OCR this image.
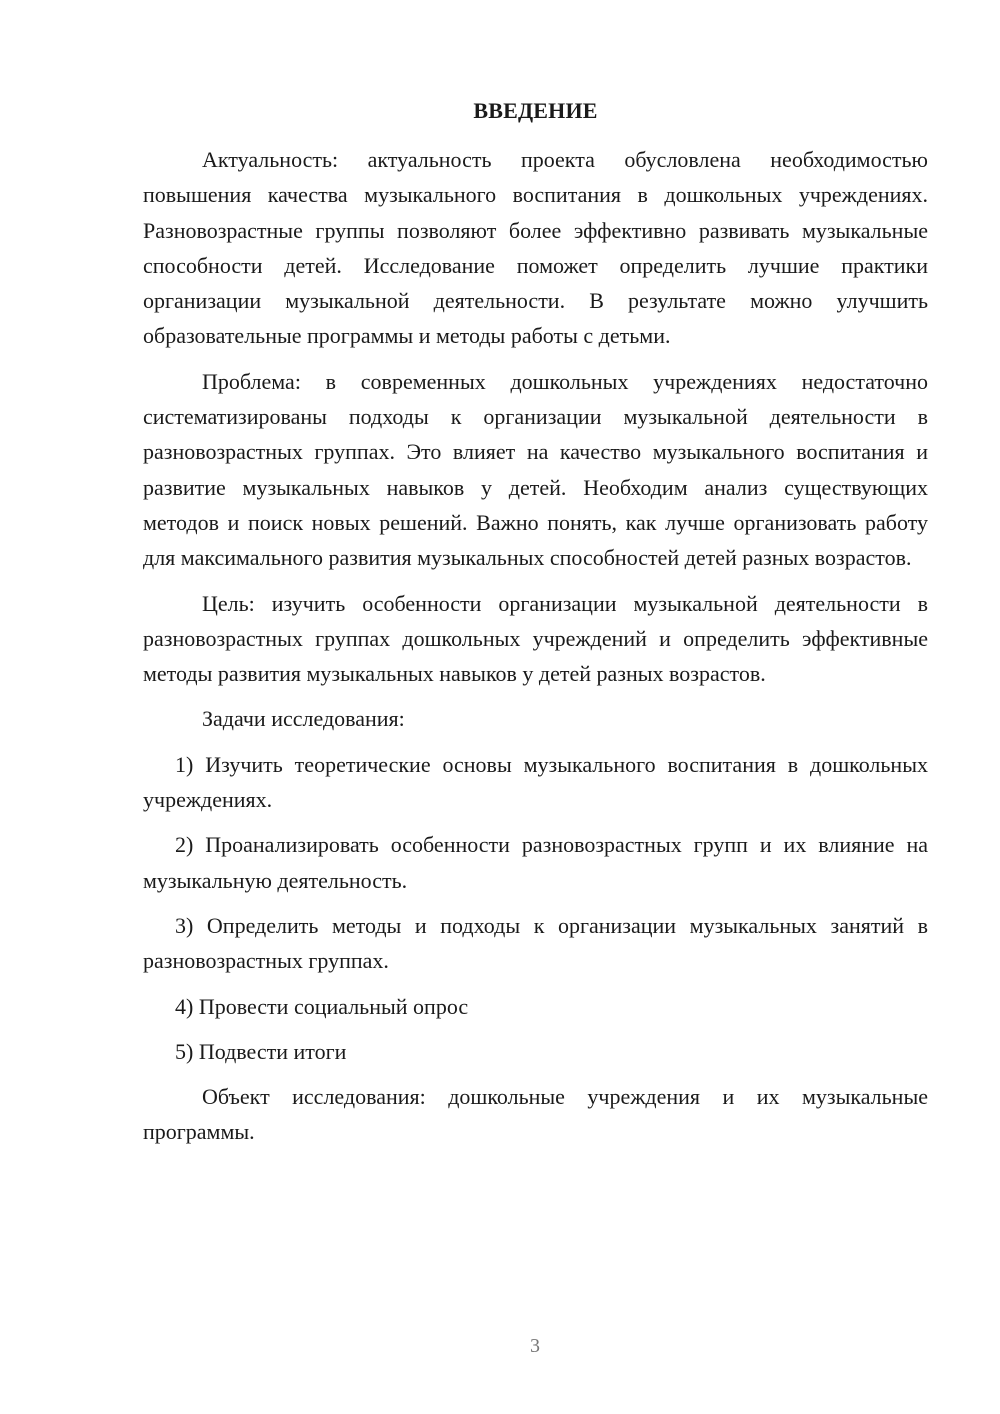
ВВЕДЕНИЕ

Актуальность: актуальность проекта обусловлена необходимостью повышения качества музыкального воспитания в дошкольных учреждениях. Разновозрастные группы позволяют более эффективно развивать музыкальные способности детей. Исследование поможет определить лучшие практики организации музыкальной деятельности. В результате можно улучшить образовательные программы и методы работы с детьми.

Проблема: в современных дошкольных учреждениях недостаточно систематизированы подходы к организации музыкальной деятельности в разновозрастных группах. Это влияет на качество музыкального воспитания и развитие музыкальных навыков у детей. Необходим анализ существующих методов и поиск новых решений. Важно понять, как лучше организовать работу для максимального развития музыкальных способностей детей разных возрастов.

Цель: изучить особенности организации музыкальной деятельности в разновозрастных группах дошкольных учреждений и определить эффективные методы развития музыкальных навыков у детей разных возрастов.

Задачи исследования:

1) Изучить теоретические основы музыкального воспитания в дошкольных учреждениях.

2) Проанализировать особенности разновозрастных групп и их влияние на музыкальную деятельность.

3) Определить методы и подходы к организации музыкальных занятий в разновозрастных группах.

4) Провести социальный опрос

5) Подвести итоги

Объект исследования: дошкольные учреждения и их музыкальные программы.

3
